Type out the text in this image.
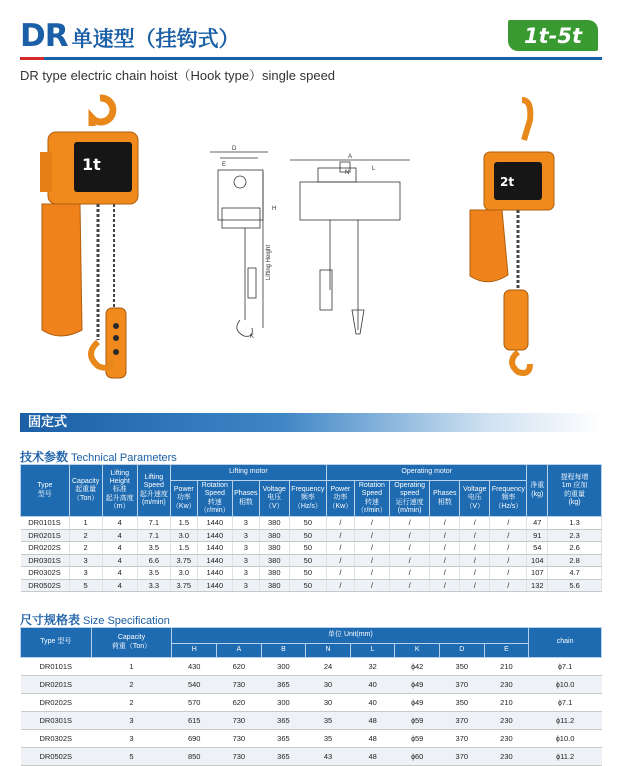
DR 单速型（挂钩式）	1t-5t
DR type electric chain hoist（Hook type）single speed
1t
D
E
H
Lifting Height
A
N
L
K
2t
固定式
技术参数 Technical Parameters
Type
型号	Capacity
起重量
（Ton）	Lifting
Height
标准
起升高度
（m）	Lifting
Speed
起升速度
(m/min)	Lifting motor					Operating motor						净重
(kg)	提程每增
1m 应加
的重量
(kg)
				Power
功率
（Kw）	Rotation
Speed
转速
（r/min）	Phases
相数	Voltage
电压
（V）	Frequency
频率
（Hz/s）	Power
功率
（Kw）	Rotation
Speed
转速
（r/min）	Operating
speed
运行速度
(m/min)	Phases
相数	Voltage
电压
（V）	Frequency
频率
（Hz/s）		
DR0101S	1	4	7.1	1.5	1440	3	380	50	/	/	/	/	/	/	47	1.3
DR0201S	2	4	7.1	3.0	1440	3	380	50	/	/	/	/	/	/	91	2.3
DR0202S	2	4	3.5	1.5	1440	3	380	50	/	/	/	/	/	/	54	2.6
DR0301S	3	4	6.6	3.75	1440	3	380	50	/	/	/	/	/	/	104	2.8
DR0302S	3	4	3.5	3.0	1440	3	380	50	/	/	/	/	/	/	107	4.7
DR0502S	5	4	3.3	3.75	1440	3	380	50	/	/	/	/	/	/	132	5.6
尺寸规格表 Size Specification
Type 型号	Capacity
荷重（Ton）	单位 Unit(mm)								chain
		H	A	B	N	L	K	D	E	
DR0101S	1	430	620	300	24	32	ϕ42	350	210	ϕ7.1
DR0201S	2	540	730	365	30	40	ϕ49	370	230	ϕ10.0
DR0202S	2	570	620	300	30	40	ϕ49	350	210	ϕ7.1
DR0301S	3	615	730	365	35	48	ϕ59	370	230	ϕ11.2
DR0302S	3	690	730	365	35	48	ϕ59	370	230	ϕ10.0
DR0502S	5	850	730	365	43	48	ϕ60	370	230	ϕ11.2
